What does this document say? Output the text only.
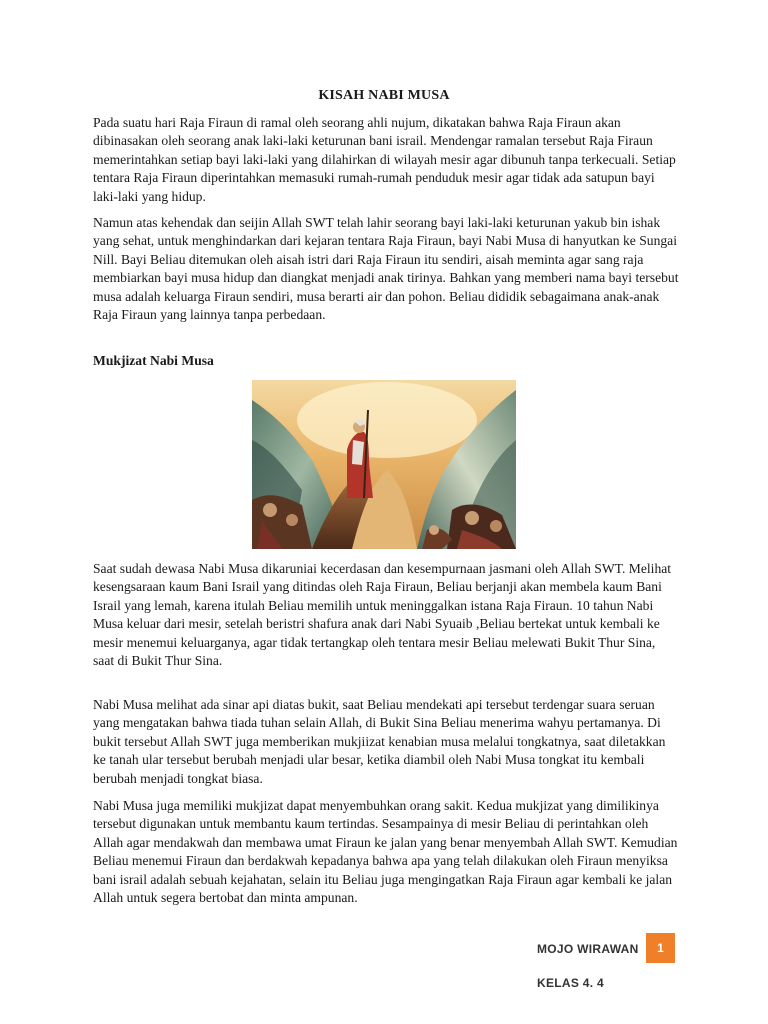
KISAH NABI MUSA

Pada suatu hari Raja Firaun di ramal oleh seorang ahli nujum, dikatakan bahwa Raja Firaun akan dibinasakan oleh seorang anak laki-laki keturunan bani israil. Mendengar ramalan tersebut Raja Firaun memerintahkan setiap bayi laki-laki yang dilahirkan di wilayah mesir agar dibunuh tanpa terkecuali. Setiap tentara Raja Firaun diperintahkan memasuki rumah-rumah penduduk mesir agar tidak ada satupun bayi laki-laki yang hidup.

Namun atas kehendak dan seijin Allah SWT telah lahir seorang bayi laki-laki keturunan yakub bin ishak yang sehat, untuk menghindarkan dari kejaran tentara Raja Firaun, bayi Nabi Musa di hanyutkan ke Sungai Nill. Bayi Beliau ditemukan oleh aisah istri dari Raja Firaun itu sendiri, aisah meminta agar sang raja membiarkan bayi musa hidup dan diangkat menjadi anak tirinya. Bahkan yang memberi nama bayi tersebut musa adalah keluarga Firaun sendiri, musa berarti air dan pohon. Beliau dididik sebagaimana anak-anak Raja Firaun yang lainnya tanpa perbedaan.

Mukjizat Nabi Musa

Saat sudah dewasa Nabi Musa dikaruniai kecerdasan dan kesempurnaan jasmani oleh Allah SWT. Melihat kesengsaraan kaum Bani Israil yang ditindas oleh Raja Firaun, Beliau berjanji akan membela kaum Bani Israil yang lemah, karena itulah Beliau memilih untuk meninggalkan istana Raja Firaun. 10 tahun Nabi Musa keluar dari mesir, setelah beristri shafura anak dari Nabi Syuaib ,Beliau bertekat untuk kembali ke mesir menemui keluarganya, agar tidak tertangkap oleh tentara mesir Beliau melewati Bukit Thur Sina, saat di Bukit Thur Sina.

Nabi Musa melihat ada sinar api diatas bukit, saat Beliau mendekati api tersebut terdengar suara seruan yang mengatakan bahwa tiada tuhan selain Allah, di Bukit Sina Beliau menerima wahyu pertamanya. Di bukit tersebut Allah SWT juga memberikan mukjiizat kenabian musa melalui tongkatnya, saat diletakkan ke tanah ular tersebut berubah menjadi ular besar, ketika diambil oleh Nabi Musa tongkat itu kembali berubah menjadi tongkat biasa.

Nabi Musa juga memiliki mukjizat dapat menyembuhkan orang sakit. Kedua mukjizat yang dimilikinya tersebut digunakan untuk membantu kaum tertindas. Sesampainya di mesir Beliau di perintahkan oleh Allah agar mendakwah dan membawa umat Firaun ke jalan yang benar menyembah Allah SWT. Kemudian Beliau menemui Firaun dan berdakwah kepadanya bahwa apa yang telah dilakukan oleh Firaun menyiksa bani israil adalah sebuah kejahatan, selain itu Beliau juga mengingatkan Raja Firaun agar kembali ke jalan Allah untuk segera bertobat dan minta ampunan.

MOJO WIRAWAN	1
KELAS 4. 4
